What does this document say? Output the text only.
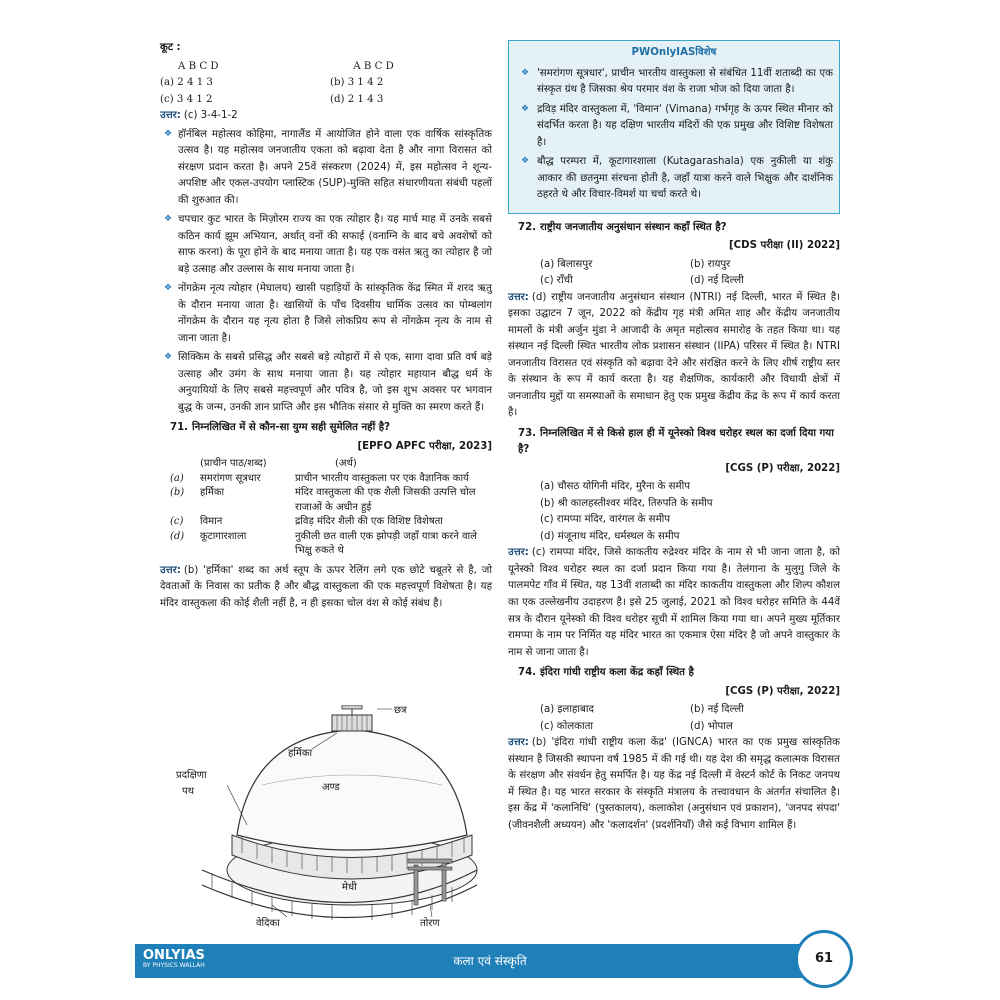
कूट :

A B C D	A B C D
(a) 2 4 1 3	(b) 3 1 4 2
(c) 3 4 1 2	(d) 2 1 4 3

उत्तर: (c) 3-4-1-2

❖ हॉर्नबिल महोत्सव कोहिमा, नागालैंड में आयोजित होने वाला एक वार्षिक सांस्कृतिक उत्सव है। यह महोत्सव जनजातीय एकता को बढ़ावा देता है और नागा विरासत को संरक्षण प्रदान करता है। अपने 25वें संस्करण (2024) में, इस महोत्सव ने शून्य-अपशिष्ट और एकल-उपयोग प्लास्टिक (SUP)-मुक्ति सहित संधारणीयता संबंधी पहलों की शुरुआत की।
❖ चपचार कुट भारत के मिज़ोरम राज्य का एक त्योहार है। यह मार्च माह में उनके सबसे कठिन कार्य झूम अभियान, अर्थात् वनों की सफाई (वनाग्नि के बाद बचे अवशेषों को साफ करना) के पूरा होने के बाद मनाया जाता है। यह एक वसंत ऋतु का त्योहार है जो बड़े उत्साह और उल्लास के साथ मनाया जाता है।
❖ नोंगक्रेम नृत्य त्योहार (मेघालय) खासी पहाड़ियों के सांस्कृतिक केंद्र स्मित में शरद ऋतु के दौरान मनाया जाता है। खासियों के पाँच दिवसीय धार्मिक उत्सव का पोम्बलांग नोंगक्रेम के दौरान यह नृत्य होता है जिसे लोकप्रिय रूप से नोंगक्रेम नृत्य के नाम से जाना जाता है।
❖ सिक्किम के सबसे प्रसिद्ध और सबसे बड़े त्योहारों में से एक, सागा दावा प्रति वर्ष बड़े उत्साह और उमंग के साथ मनाया जाता है। यह त्योहार महायान बौद्ध धर्म के अनुयायियों के लिए सबसे महत्त्वपूर्ण और पवित्र है, जो इस शुभ अवसर पर भगवान बुद्ध के जन्म, उनकी ज्ञान प्राप्ति और इस भौतिक संसार से मुक्ति का स्मरण करते हैं।

71. निम्नलिखित में से कौन-सा युग्म सही सुमेलित नहीं है?

[EPFO APFC परीक्षा, 2023]

	(प्राचीन पाठ/शब्द)	(अर्थ)
(a)	समरांगण सूत्रधार	प्राचीन भारतीय वास्तुकला पर एक वैज्ञानिक कार्य
(b)	हर्मिका	मंदिर वास्तुकला की एक शैली जिसकी उत्पत्ति चोल राजाओं के अधीन हुई
(c)	विमान	द्रविड़ मंदिर शैली की एक विशिष्ट विशेषता
(d)	कूटागारशाला	नुकीली छत वाली एक झोपड़ी जहाँ यात्रा करने वाले भिक्षु रुकते थे

उत्तर: (b) 'हर्मिका' शब्द का अर्थ स्तूप के ऊपर रेलिंग लगे एक छोटे चबूतरे से है, जो देवताओं के निवास का प्रतीक है और बौद्ध वास्तुकला की एक महत्त्वपूर्ण विशेषता है। यह मंदिर वास्तुकला की कोई शैली नहीं है, न ही इसका चोल वंश से कोई संबंध है।

छत्र
हर्मिका
प्रदक्षिणा
पथ	अण्ड
मेधी
वेदिका	तोरण
PWOnlyIASविशेष
❖ 'समरांगण सूत्रधार', प्राचीन भारतीय वास्तुकला से संबंधित 11वीं शताब्दी का एक संस्कृत ग्रंथ है जिसका श्रेय परमार वंश के राजा भोज को दिया जाता है।
❖ द्रविड़ मंदिर वास्तुकला में, 'विमान' (Vimana) गर्भगृह के ऊपर स्थित मीनार को संदर्भित करता है। यह दक्षिण भारतीय मंदिरों की एक प्रमुख और विशिष्ट विशेषता है।
❖ बौद्ध परम्परा में, कूटागारशाला (Kutagarashala) एक नुकीली या शंकु आकार की छतनुमा संरचना होती है, जहाँ यात्रा करने वाले भिक्षुक और दार्शनिक ठहरते थे और विचार-विमर्श या चर्चा करते थे।

72. राष्ट्रीय जनजातीय अनुसंधान संस्थान कहाँ स्थित है?

[CDS परीक्षा (II) 2022]

(a) बिलासपुर	(b) रायपुर
(c) राँची	(d) नई दिल्ली

उत्तर: (d) राष्ट्रीय जनजातीय अनुसंधान संस्थान (NTRI) नई दिल्ली, भारत में स्थित है। इसका उद्घाटन 7 जून, 2022 को केंद्रीय गृह मंत्री अमित शाह और केंद्रीय जनजातीय मामलों के मंत्री अर्जुन मुंडा ने आजादी के अमृत महोत्सव समारोह के तहत किया था। यह संस्थान नई दिल्ली स्थित भारतीय लोक प्रशासन संस्थान (IIPA) परिसर में स्थित है। NTRI जनजातीय विरासत एवं संस्कृति को बढ़ावा देने और संरक्षित करने के लिए शीर्ष राष्ट्रीय स्तर के संस्थान के रूप में कार्य करता है। यह शैक्षणिक, कार्यकारी और विधायी क्षेत्रों में जनजातीय मुद्दों या समस्याओं के समाधान हेतु एक प्रमुख केंद्रीय केंद्र के रूप में कार्य करता है।

73. निम्नलिखित में से किसे हाल ही में यूनेस्को विश्व धरोहर स्थल का दर्जा दिया गया है?

[CGS (P) परीक्षा, 2022]

(a) चौसठ योगिनी मंदिर, मुरैना के समीप
(b) श्री कालहस्तीश्वर मंदिर, तिरुपति के समीप
(c) रामप्पा मंदिर, वारंगल के समीप
(d) मंजूनाथ मंदिर, धर्मस्थल के समीप

उत्तर: (c) रामप्पा मंदिर, जिसे काकतीय रुद्रेश्वर मंदिर के नाम से भी जाना जाता है, को यूनेस्को विश्व धरोहर स्थल का दर्जा प्रदान किया गया है। तेलंगाना के मुलुगु जिले के पालमपेट गाँव में स्थित, यह 13वीं शताब्दी का मंदिर काकतीय वास्तुकला और शिल्प कौशल का एक उल्लेखनीय उदाहरण है। इसे 25 जुलाई, 2021 को विश्व धरोहर समिति के 44वें सत्र के दौरान यूनेस्को की विश्व धरोहर सूची में शामिल किया गया था। अपने मुख्य मूर्तिकार रामप्पा के नाम पर निर्मित यह मंदिर भारत का एकमात्र ऐसा मंदिर है जो अपने वास्तुकार के नाम से जाना जाता है।

74. इंदिरा गांधी राष्ट्रीय कला केंद्र कहाँ स्थित है

[CGS (P) परीक्षा, 2022]

(a) इलाहाबाद	(b) नई दिल्ली
(c) कोलकाता	(d) भोपाल

उत्तर: (b) 'इंदिरा गांधी राष्ट्रीय कला केंद्र' (IGNCA) भारत का एक प्रमुख सांस्कृतिक संस्थान है जिसकी स्थापना वर्ष 1985 में की गई थी। यह देश की समृद्ध कलात्मक विरासत के संरक्षण और संवर्धन हेतु समर्पित है। यह केंद्र नई दिल्ली में वेस्टर्न कोर्ट के निकट जनपथ में स्थित है। यह भारत सरकार के संस्कृति मंत्रालय के तत्त्वावधान के अंतर्गत संचालित है। इस केंद्र में 'कलानिधि' (पुस्तकालय), कलाकोश (अनुसंधान एवं प्रकाशन), 'जनपद संपदा' (जीवनशैली अध्ययन) और 'कलादर्शन' (प्रदर्शनियाँ) जैसे कई विभाग शामिल हैं।

ONLYIAS
BY PHYSICS WALLAH	कला एवं संस्कृति	61
